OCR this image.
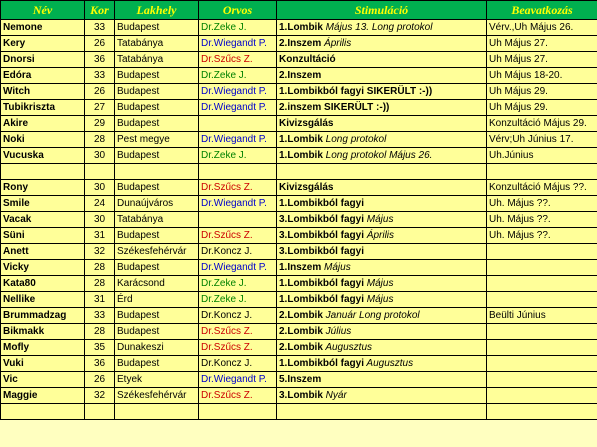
Név	Kor	Lakhely	Orvos	Stimuláció	Beavatkozás
Nemone	33	Budapest	Dr.Zeke J.	1.Lombik Május 13. Long protokol	Vérv.,Uh Május 26.
Kery	26	Tatabánya	Dr.Wiegandt P.	2.Inszem Április	Uh Május 27.
Dnorsi	36	Tatabánya	Dr.Szűcs Z.	Konzultáció	Uh Május 27.
Edóra	33	Budapest	Dr.Zeke J.	2.Inszem	Uh Május 18-20.
Witch	26	Budapest	Dr.Wiegandt P.	1.Lombikból fagyi SIKERÜLT :-))	Uh Május 29.
Tubikriszta	27	Budapest	Dr.Wiegandt P.	2.inszem SIKERÜLT :-))	Uh Május 29.
Akire	29	Budapest		Kivizsgálás	Konzultáció Május 29.
Noki	28	Pest megye	Dr.Wiegandt P.	1.Lombik Long protokol	Vérv;Uh Június 17.
Vucuska	30	Budapest	Dr.Zeke J.	1.Lombik Long protokol Május 26.	Uh.Június

Rony	30	Budapest	Dr.Szűcs Z.	Kivizsgálás	Konzultáció Május ??.
Smile	24	Dunaújváros	Dr.Wiegandt P.	1.Lombikból fagyi	Uh. Május ??.
Vacak	30	Tatabánya		3.Lombikból fagyi Május	Uh. Május ??.
Süni	31	Budapest	Dr.Szűcs Z.	3.Lombikból fagyi Április	Uh. Május ??.
Anett	32	Székesfehérvár	Dr.Koncz J.	3.Lombikból fagyi	
Vicky	28	Budapest	Dr.Wiegandt P.	1.Inszem Május	
Kata80	28	Karácsond	Dr.Zeke J.	1.Lombikból fagyi Május	
Nellike	31	Érd	Dr.Zeke J.	1.Lombikból fagyi Május	
Brummadzag	33	Budapest	Dr.Koncz J.	2.Lombik Január Long protokol	Beülti Június
Bikmakk	28	Budapest	Dr.Szűcs Z.	2.Lombik Július	
Mofly	35	Dunakeszi	Dr.Szűcs Z.	2.Lombik Augusztus	
Vuki	36	Budapest	Dr.Koncz J.	1.Lombikból fagyi Augusztus	
Vic	26	Etyek	Dr.Wiegandt P.	5.Inszem	
Maggie	32	Székesfehérvár	Dr.Szűcs Z.	3.Lombik Nyár	
